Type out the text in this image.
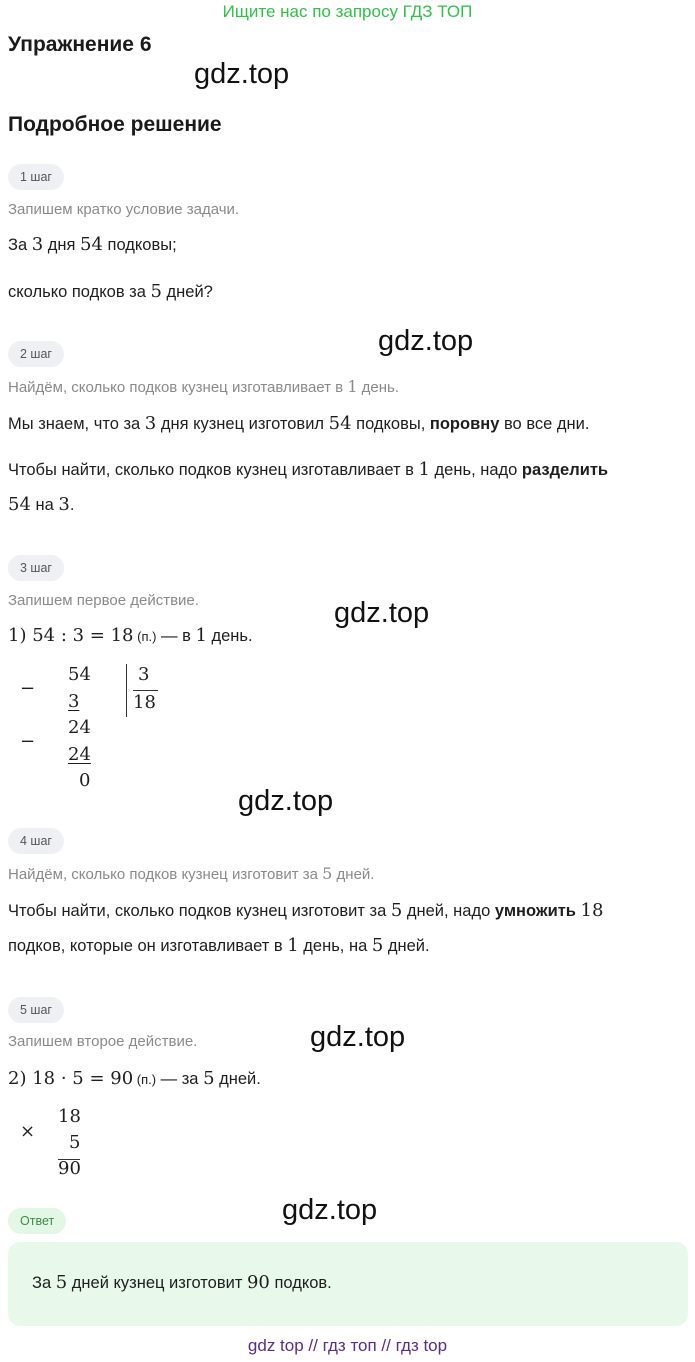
Ищите нас по запросу ГДЗ ТОП
Упражнение 6
gdz.top
Подробное решение
1 шаг
Запишем кратко условие задачи.
За 3 дня 54 подковы;
сколько подков за 5 дней?
gdz.top
2 шаг
Найдём, сколько подков кузнец изготавливает в 1 день.
Мы знаем, что за 3 дня кузнец изготовил 54 подковы, поровну во все дни.
Чтобы найти, сколько подков кузнец изготавливает в 1 день, надо разделить
54 на 3.
3 шаг
Запишем первое действие.	gdz.top
1) 54 : 3 = 18 (п.) — в 1 день.
−
54
3
24
−
24
0
3
18
gdz.top
4 шаг
Найдём, сколько подков кузнец изготовит за 5 дней.
Чтобы найти, сколько подков кузнец изготовит за 5 дней, надо умножить 18
подков, которые он изготавливает в 1 день, на 5 дней.
5 шаг
Запишем второе действие.	gdz.top
2) 18 · 5 = 90 (п.) — за 5 дней.
×
18
5
90
gdz.top
Ответ
За 5 дней кузнец изготовит 90 подков.
gdz top // гдз топ // гдз top
